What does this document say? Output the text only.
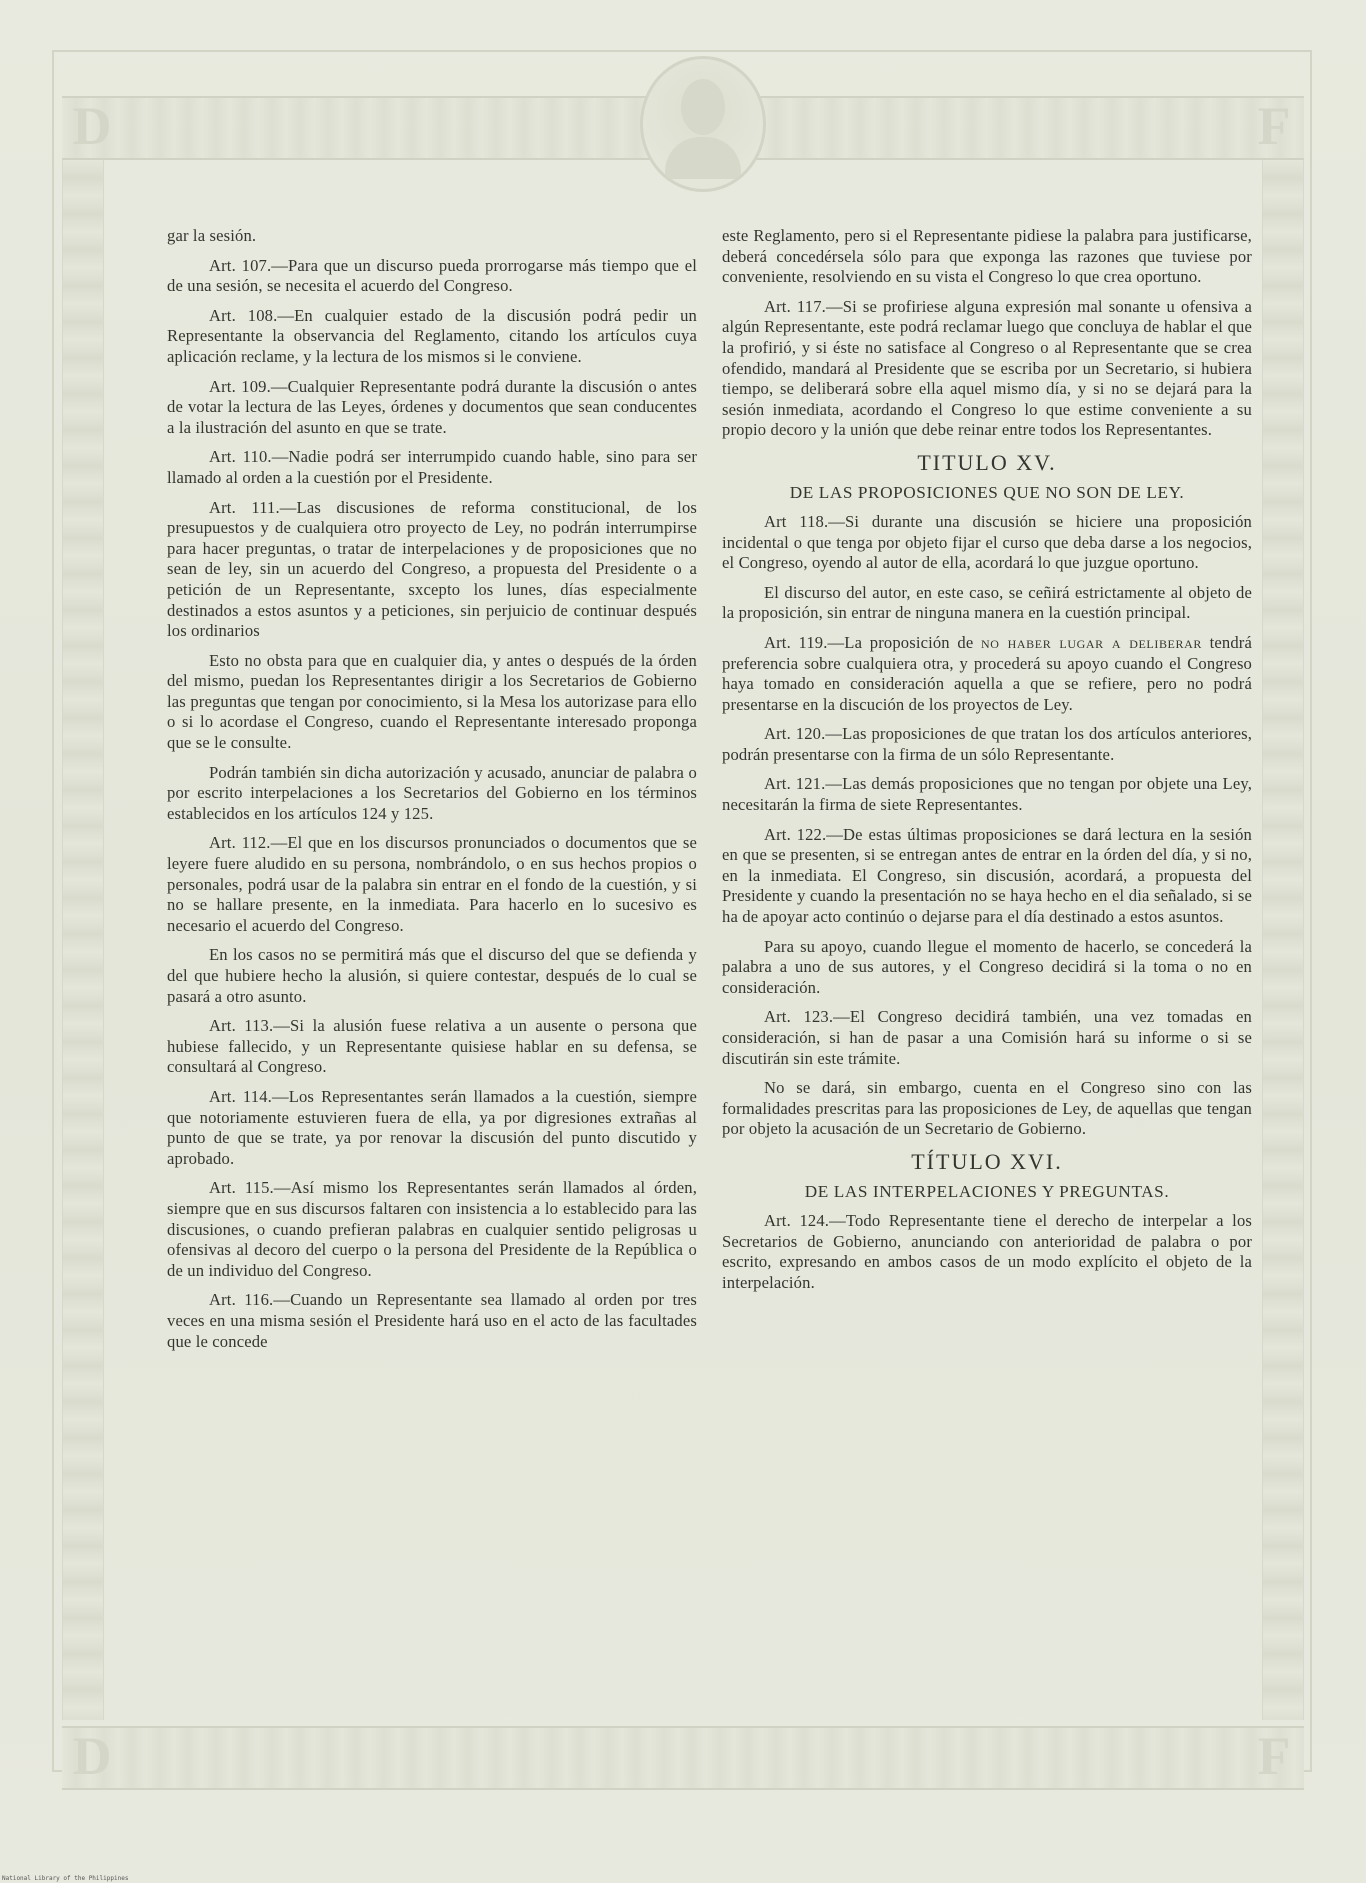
D	F
D	F

gar la sesión.

Art. 107.—Para que un discurso pueda prorrogarse más tiempo que el de una sesión, se necesita el acuerdo del Congreso.

Art. 108.—En cualquier estado de la discusión podrá pedir un Representante la observancia del Reglamento, citando los artículos cuya aplicación reclame, y la lectura de los mismos si le conviene.

Art. 109.—Cualquier Representante podrá durante la discusión o antes de votar la lectura de las Leyes, órdenes y documentos que sean conducentes a la ilustración del asunto en que se trate.

Art. 110.—Nadie podrá ser interrumpido cuando hable, sino para ser llamado al orden a la cuestión por el Presidente.

Art. 111.—Las discusiones de reforma constitucional, de los presupuestos y de cualquiera otro proyecto de Ley, no podrán interrumpirse para hacer preguntas, o tratar de interpelaciones y de proposiciones que no sean de ley, sin un acuerdo del Congreso, a propuesta del Presidente o a petición de un Representante, sxcepto los lunes, días especialmente destinados a estos asuntos y a peticiones, sin perjuicio de continuar después los ordinarios

Esto no obsta para que en cualquier dia, y antes o después de la órden del mismo, puedan los Representantes dirigir a los Secretarios de Gobierno las preguntas que tengan por conocimiento, si la Mesa los autorizase para ello o si lo acordase el Congreso, cuando el Representante interesado proponga que se le consulte.

Podrán también sin dicha autorización y acusado, anunciar de palabra o por escrito interpelaciones a los Secretarios del Gobierno en los términos establecidos en los artículos 124 y 125.

Art. 112.—El que en los discursos pronunciados o documentos que se leyere fuere aludido en su persona, nombrándolo, o en sus hechos propios o personales, podrá usar de la palabra sin entrar en el fondo de la cuestión, y si no se hallare presente, en la inmediata. Para hacerlo en lo sucesivo es necesario el acuerdo del Congreso.

En los casos no se permitirá más que el discurso del que se defienda y del que hubiere hecho la alusión, si quiere contestar, después de lo cual se pasará a otro asunto.

Art. 113.—Si la alusión fuese relativa a un ausente o persona que hubiese fallecido, y un Representante quisiese hablar en su defensa, se consultará al Congreso.

Art. 114.—Los Representantes serán llamados a la cuestión, siempre que notoriamente estuvieren fuera de ella, ya por digresiones extrañas al punto de que se trate, ya por renovar la discusión del punto discutido y aprobado.

Art. 115.—Así mismo los Representantes serán llamados al órden, siempre que en sus discursos faltaren con insistencia a lo establecido para las discusiones, o cuando prefieran palabras en cualquier sentido peligrosas u ofensivas al decoro del cuerpo o la persona del Presidente de la República o de un individuo del Congreso.

Art. 116.—Cuando un Representante sea llamado al orden por tres veces en una misma sesión el Presidente hará uso en el acto de las facultades que le concede

este Reglamento, pero si el Representante pidiese la palabra para justificarse, deberá concedérsela sólo para que exponga las razones que tuviese por conveniente, resolviendo en su vista el Congreso lo que crea oportuno.

Art. 117.—Si se profiriese alguna expresión mal sonante u ofensiva a algún Representante, este podrá reclamar luego que concluya de hablar el que la profirió, y si éste no satisface al Congreso o al Representante que se crea ofendido, mandará al Presidente que se escriba por un Secretario, si hubiera tiempo, se deliberará sobre ella aquel mismo día, y si no se dejará para la sesión inmediata, acordando el Congreso lo que estime conveniente a su propio decoro y la unión que debe reinar entre todos los Representantes.

TITULO XV.
DE LAS PROPOSICIONES QUE NO SON DE LEY.

Art 118.—Si durante una discusión se hiciere una proposición incidental o que tenga por objeto fijar el curso que deba darse a los negocios, el Congreso, oyendo al autor de ella, acordará lo que juzgue oportuno.

El discurso del autor, en este caso, se ceñirá estrictamente al objeto de la proposición, sin entrar de ninguna manera en la cuestión principal.

Art. 119.—La proposición de no haber lugar a deliberar tendrá preferencia sobre cualquiera otra, y procederá su apoyo cuando el Congreso haya tomado en consideración aquella a que se refiere, pero no podrá presentarse en la discución de los proyectos de Ley.

Art. 120.—Las proposiciones de que tratan los dos artículos anteriores, podrán presentarse con la firma de un sólo Representante.

Art. 121.—Las demás proposiciones que no tengan por objete una Ley, necesitarán la firma de siete Representantes.

Art. 122.—De estas últimas proposiciones se dará lectura en la sesión en que se presenten, si se entregan antes de entrar en la órden del día, y si no, en la inmediata. El Congreso, sin discusión, acordará, a propuesta del Presidente y cuando la presentación no se haya hecho en el dia señalado, si se ha de apoyar acto continúo o dejarse para el día destinado a estos asuntos.

Para su apoyo, cuando llegue el momento de hacerlo, se concederá la palabra a uno de sus autores, y el Congreso decidirá si la toma o no en consideración.

Art. 123.—El Congreso decidirá también, una vez tomadas en consideración, si han de pasar a una Comisión hará su informe o si se discutirán sin este trámite.

No se dará, sin embargo, cuenta en el Congreso sino con las formalidades prescritas para las proposiciones de Ley, de aquellas que tengan por objeto la acusación de un Secretario de Gobierno.

TÍTULO XVI.
DE LAS INTERPELACIONES Y PREGUNTAS.

Art. 124.—Todo Representante tiene el derecho de interpelar a los Secretarios de Gobierno, anunciando con anterioridad de palabra o por escrito, expresando en ambos casos de un modo explícito el objeto de la interpelación.

National Library of the Philippines
